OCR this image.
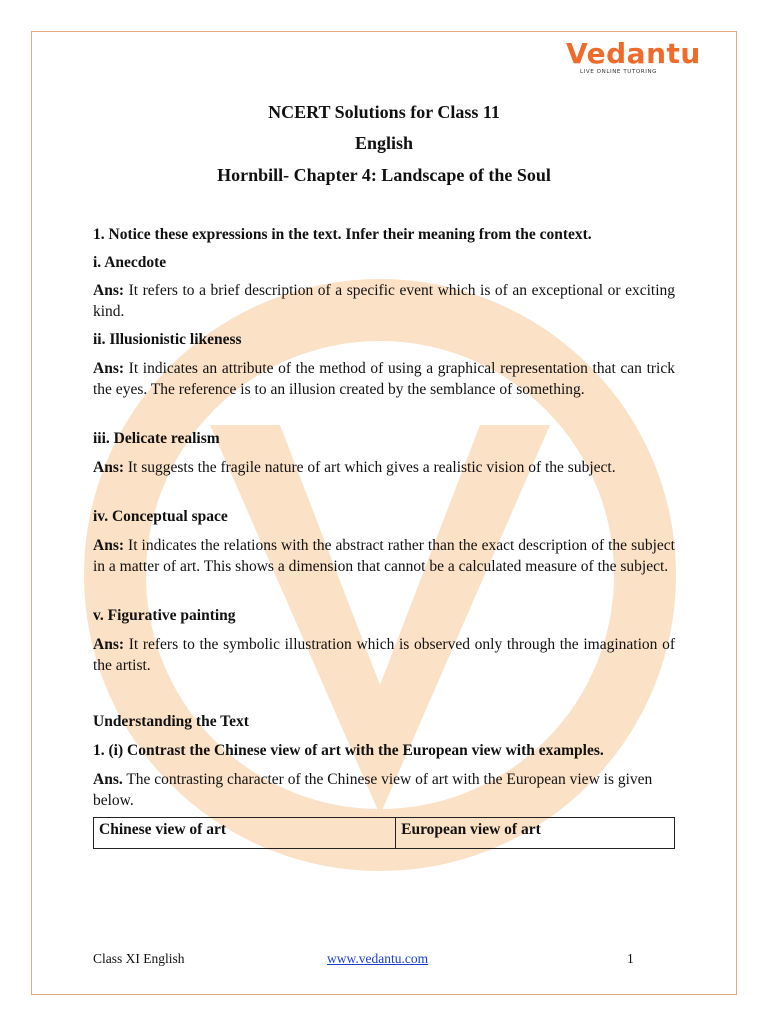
Vedantu
LIVE ONLINE TUTORING
NCERT Solutions for Class 11
English
Hornbill- Chapter 4: Landscape of the Soul
1. Notice these expressions in the text. Infer their meaning from the context.
i. Anecdote
Ans: It refers to a brief description of a specific event which is of an exceptional or exciting kind.
ii. Illusionistic likeness
Ans: It indicates an attribute of the method of using a graphical representation that can trick the eyes. The reference is to an illusion created by the semblance of something.
iii. Delicate realism
Ans: It suggests the fragile nature of art which gives a realistic vision of the subject.
iv. Conceptual space
Ans: It indicates the relations with the abstract rather than the exact description of the subject in a matter of art. This shows a dimension that cannot be a calculated measure of the subject.
v. Figurative painting
Ans: It refers to the symbolic illustration which is observed only through the imagination of the artist.
Understanding the Text
1. (i) Contrast the Chinese view of art with the European view with examples.
Ans. The contrasting character of the Chinese view of art with the European view is given below.
Chinese view of art	European view of art
Class XI English	www.vedantu.com	1
